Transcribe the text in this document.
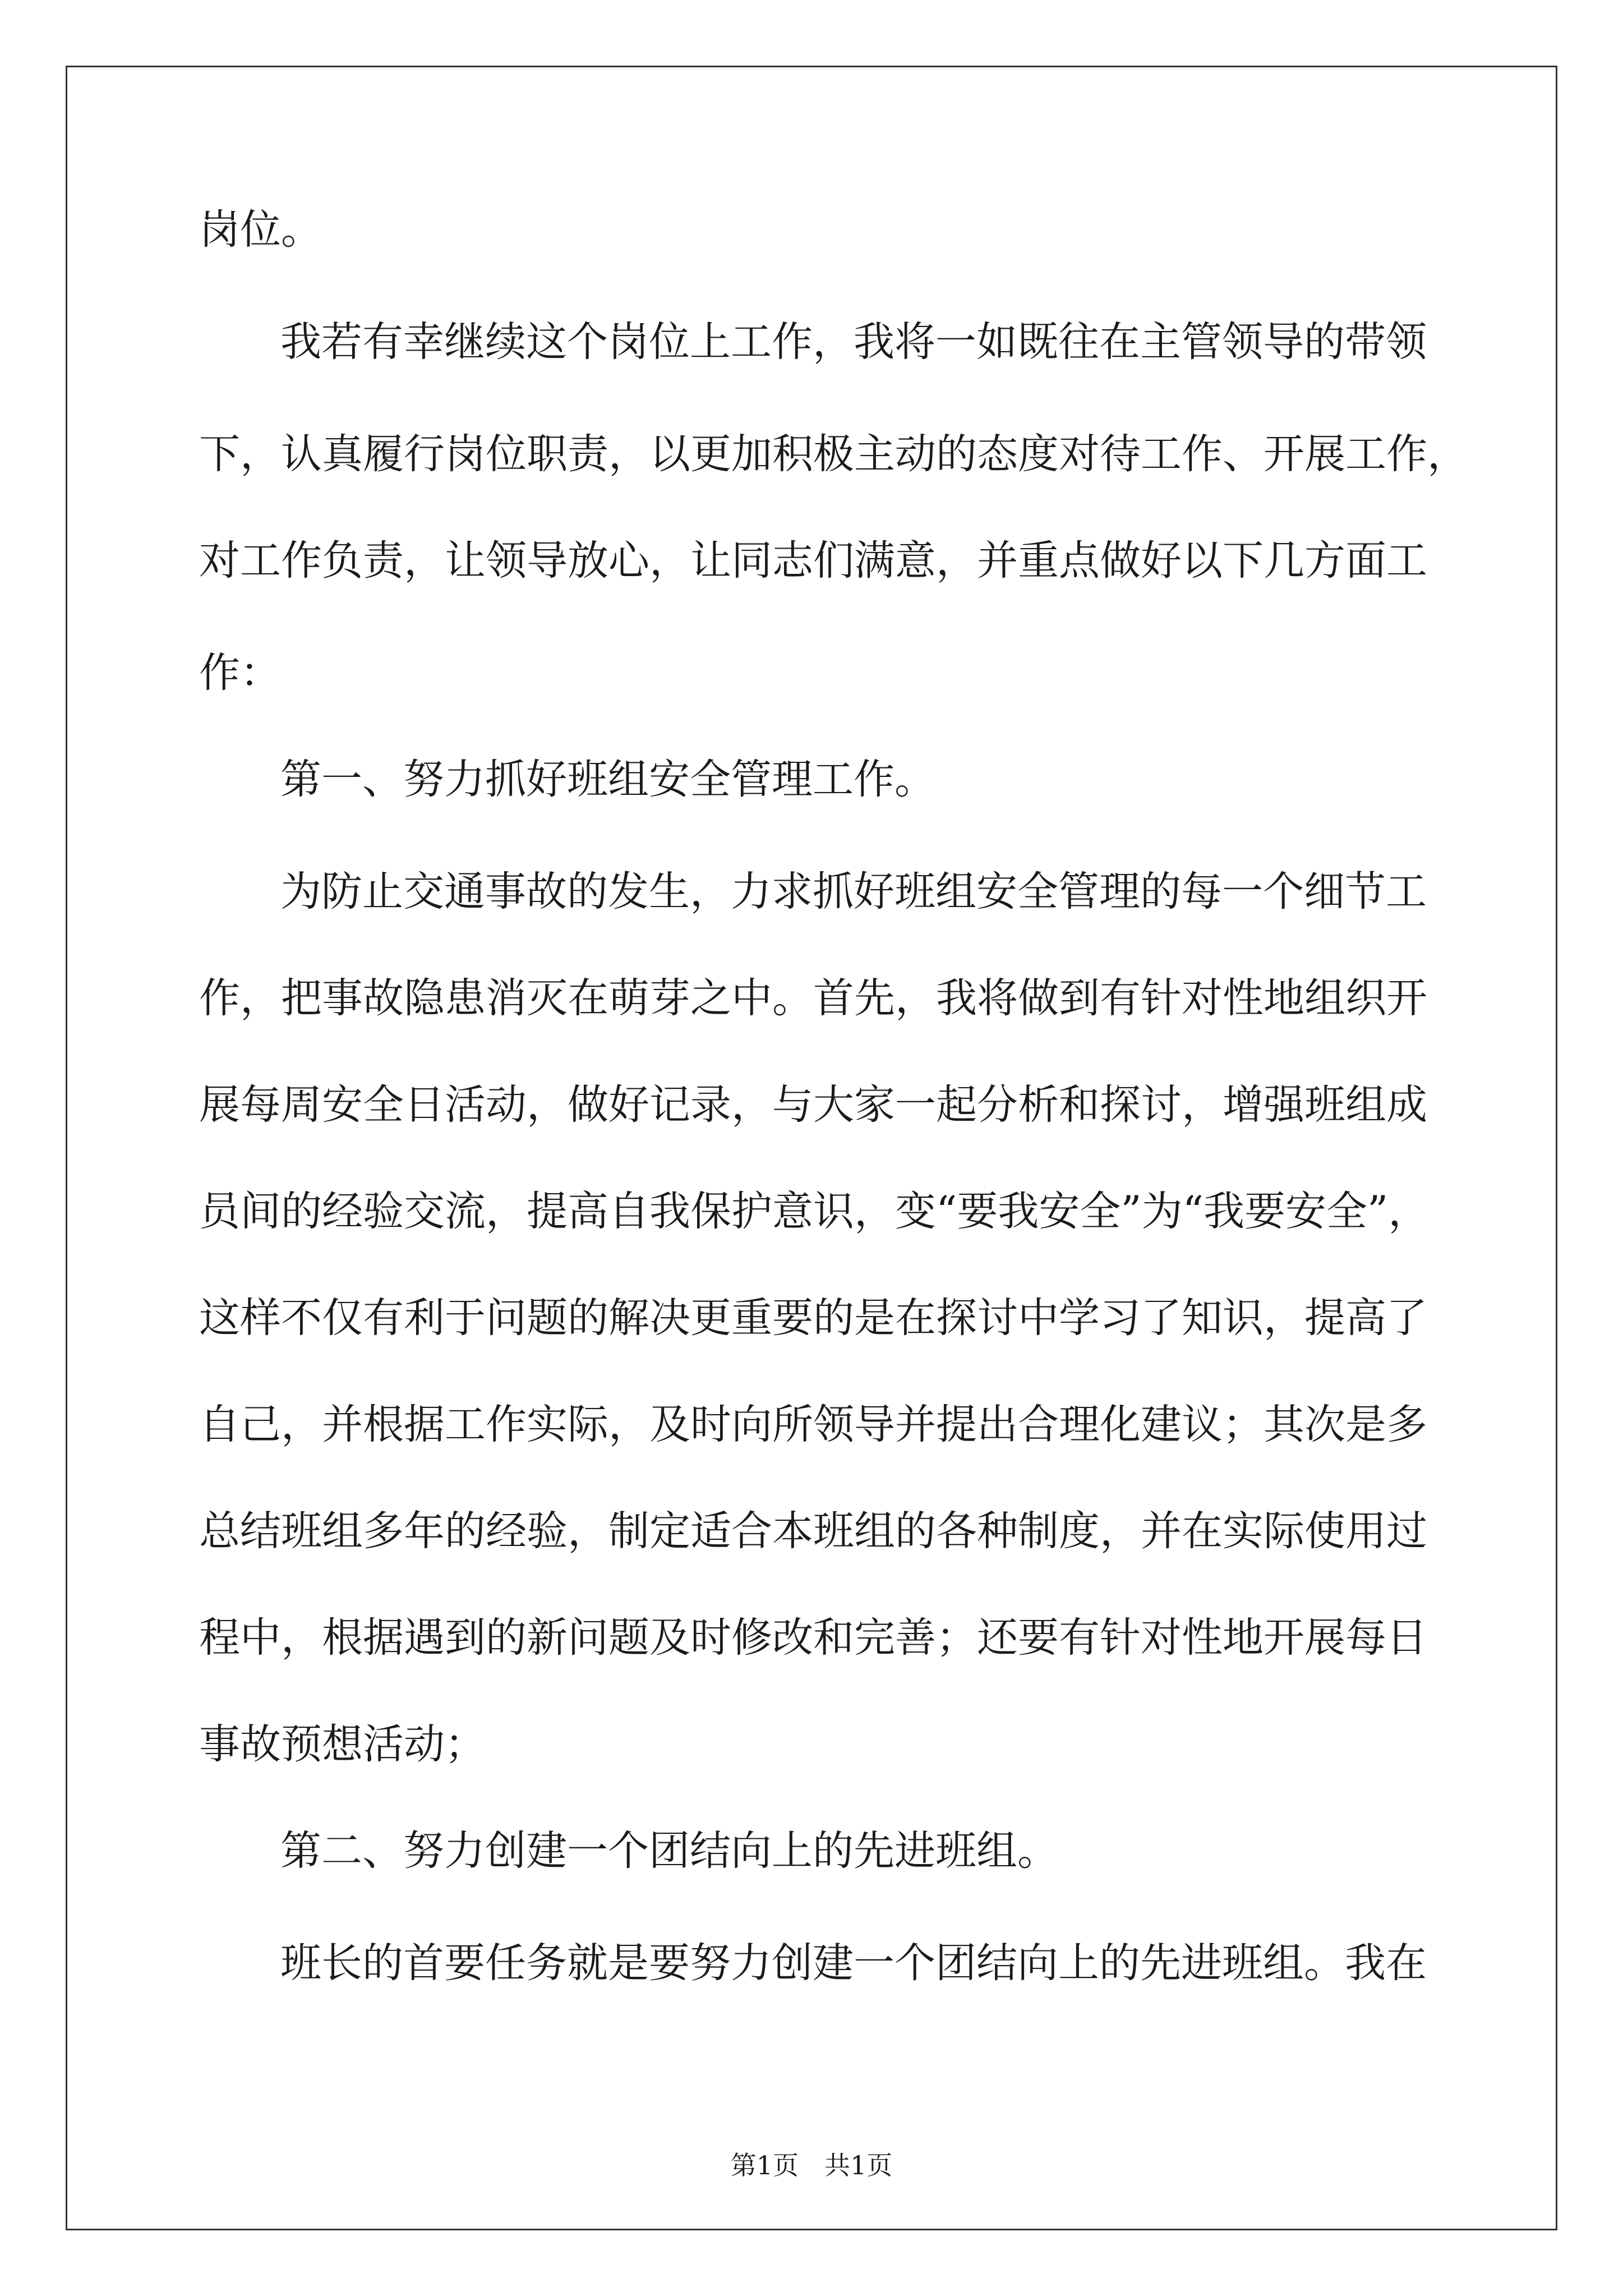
岗位。
我若有幸继续这个岗位上工作，我将一如既往在主管领导的带领
下，认真履行岗位职责，以更加积极主动的态度对待工作、开展工作，
对工作负责，让领导放心，让同志们满意，并重点做好以下几方面工
作：
第一、努力抓好班组安全管理工作。
为防止交通事故的发生，力求抓好班组安全管理的每一个细节工
作，把事故隐患消灭在萌芽之中。首先，我将做到有针对性地组织开
展每周安全日活动，做好记录，与大家一起分析和探讨，增强班组成
员间的经验交流，提高自我保护意识，变“要我安全”为“我要安全”，
这样不仅有利于问题的解决更重要的是在探讨中学习了知识，提高了
自己，并根据工作实际，及时向所领导并提出合理化建议；其次是多
总结班组多年的经验，制定适合本班组的各种制度，并在实际使用过
程中，根据遇到的新问题及时修改和完善；还要有针对性地开展每日
事故预想活动；
第二、努力创建一个团结向上的先进班组。
班长的首要任务就是要努力创建一个团结向上的先进班组。我在
第1页　共1页
